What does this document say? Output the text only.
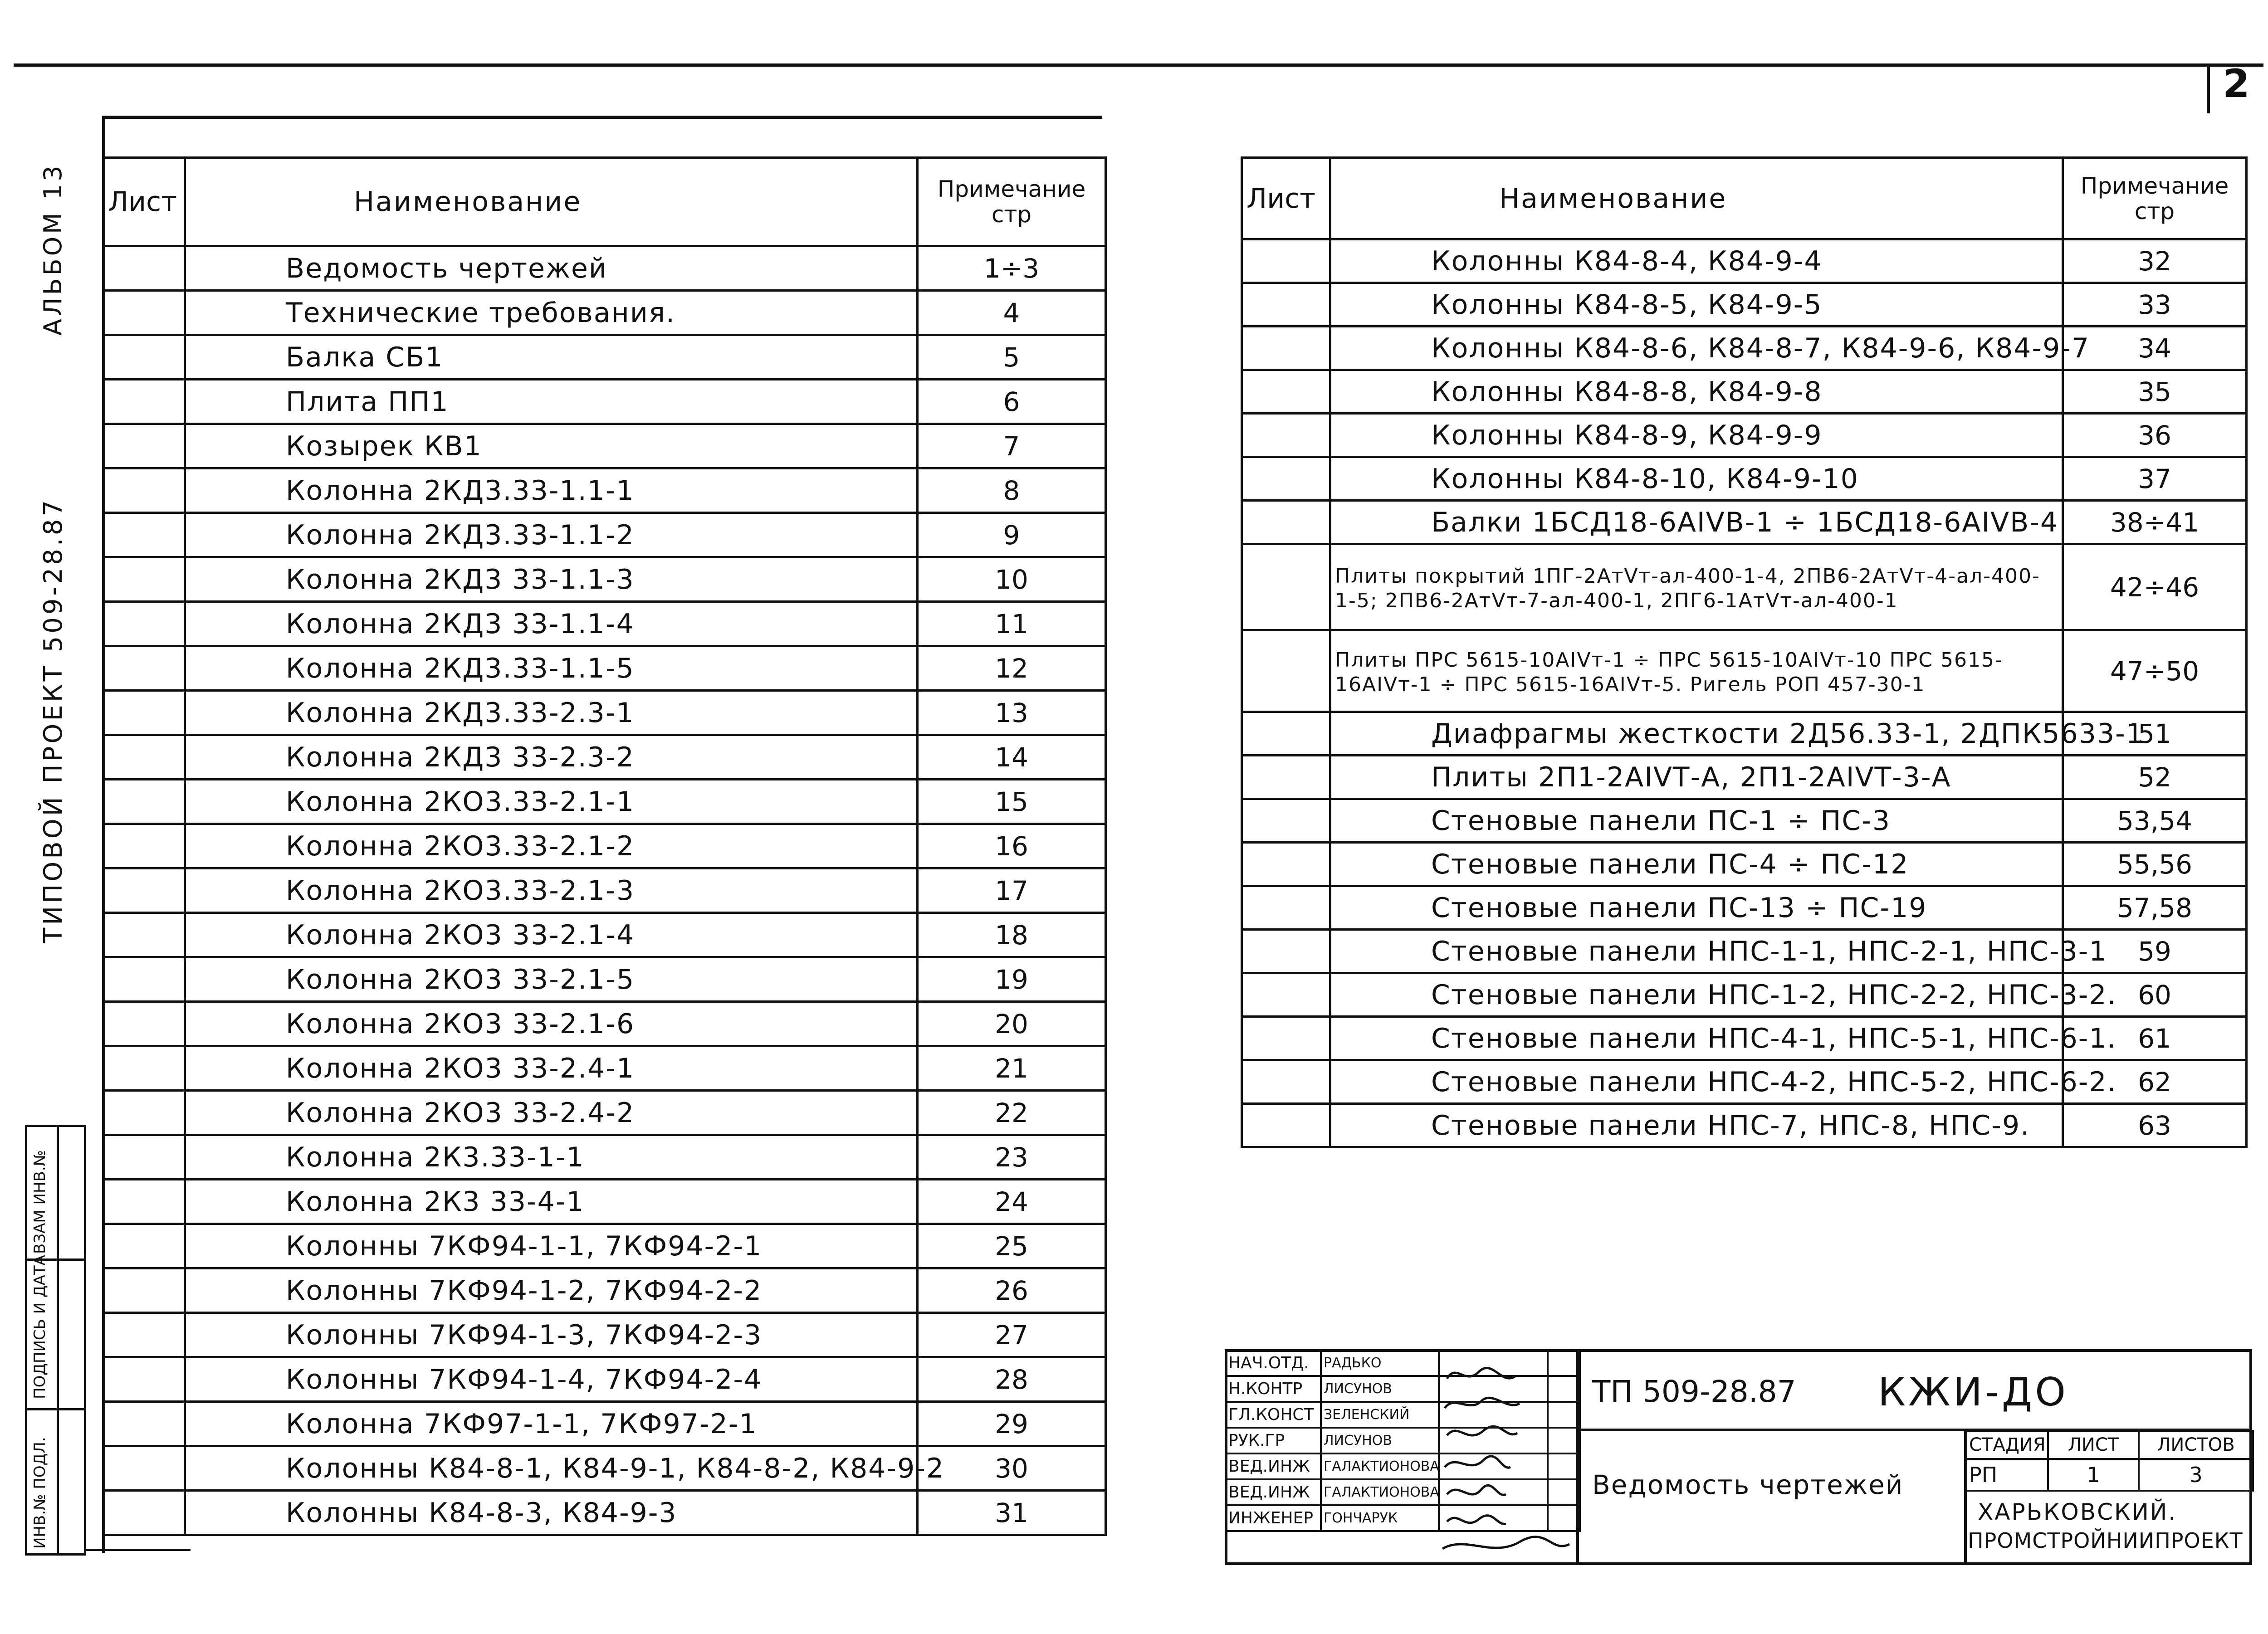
2
АЛЬБОМ 13
ТИПОВОЙ ПРОЕКТ 509-28.87
ИНВ.№ ПОДЛ.
ПОДПИСЬ И ДАТА
ВЗАМ ИНВ.№
Лист	Наименование	Примечание стр
	Ведомость чертежей	1÷3
	Технические требования.	4
	Балка СБ1	5
	Плита ПП1	6
	Козырек КВ1	7
	Колонна 2КД3.33-1.1-1	8
	Колонна 2КД3.33-1.1-2	9
	Колонна 2КД3 33-1.1-3	10
	Колонна 2КД3 33-1.1-4	11
	Колонна 2КД3.33-1.1-5	12
	Колонна 2КД3.33-2.3-1	13
	Колонна 2КД3 33-2.3-2	14
	Колонна 2КО3.33-2.1-1	15
	Колонна 2КО3.33-2.1-2	16
	Колонна 2КО3.33-2.1-3	17
	Колонна 2КО3 33-2.1-4	18
	Колонна 2КО3 33-2.1-5	19
	Колонна 2КО3 33-2.1-6	20
	Колонна 2КО3 33-2.4-1	21
	Колонна 2КО3 33-2.4-2	22
	Колонна 2К3.33-1-1	23
	Колонна 2К3 33-4-1	24
	Колонны 7КФ94-1-1, 7КФ94-2-1	25
	Колонны 7КФ94-1-2, 7КФ94-2-2	26
	Колонны 7КФ94-1-3, 7КФ94-2-3	27
	Колонны 7КФ94-1-4, 7КФ94-2-4	28
	Колонна 7КФ97-1-1, 7КФ97-2-1	29
	Колонны К84-8-1, К84-9-1, К84-8-2, К84-9-2	30
	Колонны К84-8-3, К84-9-3	31
Лист	Наименование	Примечание стр
	Колонны К84-8-4, К84-9-4	32
	Колонны К84-8-5, К84-9-5	33
	Колонны К84-8-6, К84-8-7, К84-9-6, К84-9-7	34
	Колонны К84-8-8, К84-9-8	35
	Колонны К84-8-9, К84-9-9	36
	Колонны К84-8-10, К84-9-10	37
	Балки 1БСД18-6АIVВ-1 ÷ 1БСД18-6АIVВ-4	38÷41
	Плиты покрытий 1ПГ-2АтVт-ал-400-1-4, 2ПВ6-2АтVт-4-ал-400-1-5; 2ПВ6-2АтVт-7-ал-400-1, 2ПГ6-1АтVт-ал-400-1	42÷46
	Плиты ПРС 5615-10АIVт-1 ÷ ПРС 5615-10АIVт-10 ПРС 5615-16АIVт-1 ÷ ПРС 5615-16АIVт-5. Ригель РОП 457-30-1	47÷50
	Диафрагмы жесткости 2Д56.33-1, 2ДПК5633-1	51
	Плиты 2П1-2АIVТ-А, 2П1-2АIVТ-3-А	52
	Стеновые панели ПС-1 ÷ ПС-3	53,54
	Стеновые панели ПС-4 ÷ ПС-12	55,56
	Стеновые панели ПС-13 ÷ ПС-19	57,58
	Стеновые панели НПС-1-1, НПС-2-1, НПС-3-1	59
	Стеновые панели НПС-1-2, НПС-2-2, НПС-3-2.	60
	Стеновые панели НПС-4-1, НПС-5-1, НПС-6-1.	61
	Стеновые панели НПС-4-2, НПС-5-2, НПС-6-2.	62
	Стеновые панели НПС-7, НПС-8, НПС-9.	63
НАЧ.ОТД.	РАДЬКО		
Н.КОНТР	ЛИСУНОВ		
ГЛ.КОНСТ	ЗЕЛЕНСКИЙ		
РУК.ГР	ЛИСУНОВ		
ВЕД.ИНЖ	ГАЛАКТИОНОВА		
ВЕД.ИНЖ	ГАЛАКТИОНОВА		
ИНЖЕНЕР	ГОНЧАРУК		
ТП 509-28.87 КЖИ-ДО
Ведомость чертежей
СТАДИЯ	ЛИСТ	ЛИСТОВ
РП	1	3
ХАРЬКОВСКИЙ.
ПРОМСТРОЙНИИПРОЕКТ
